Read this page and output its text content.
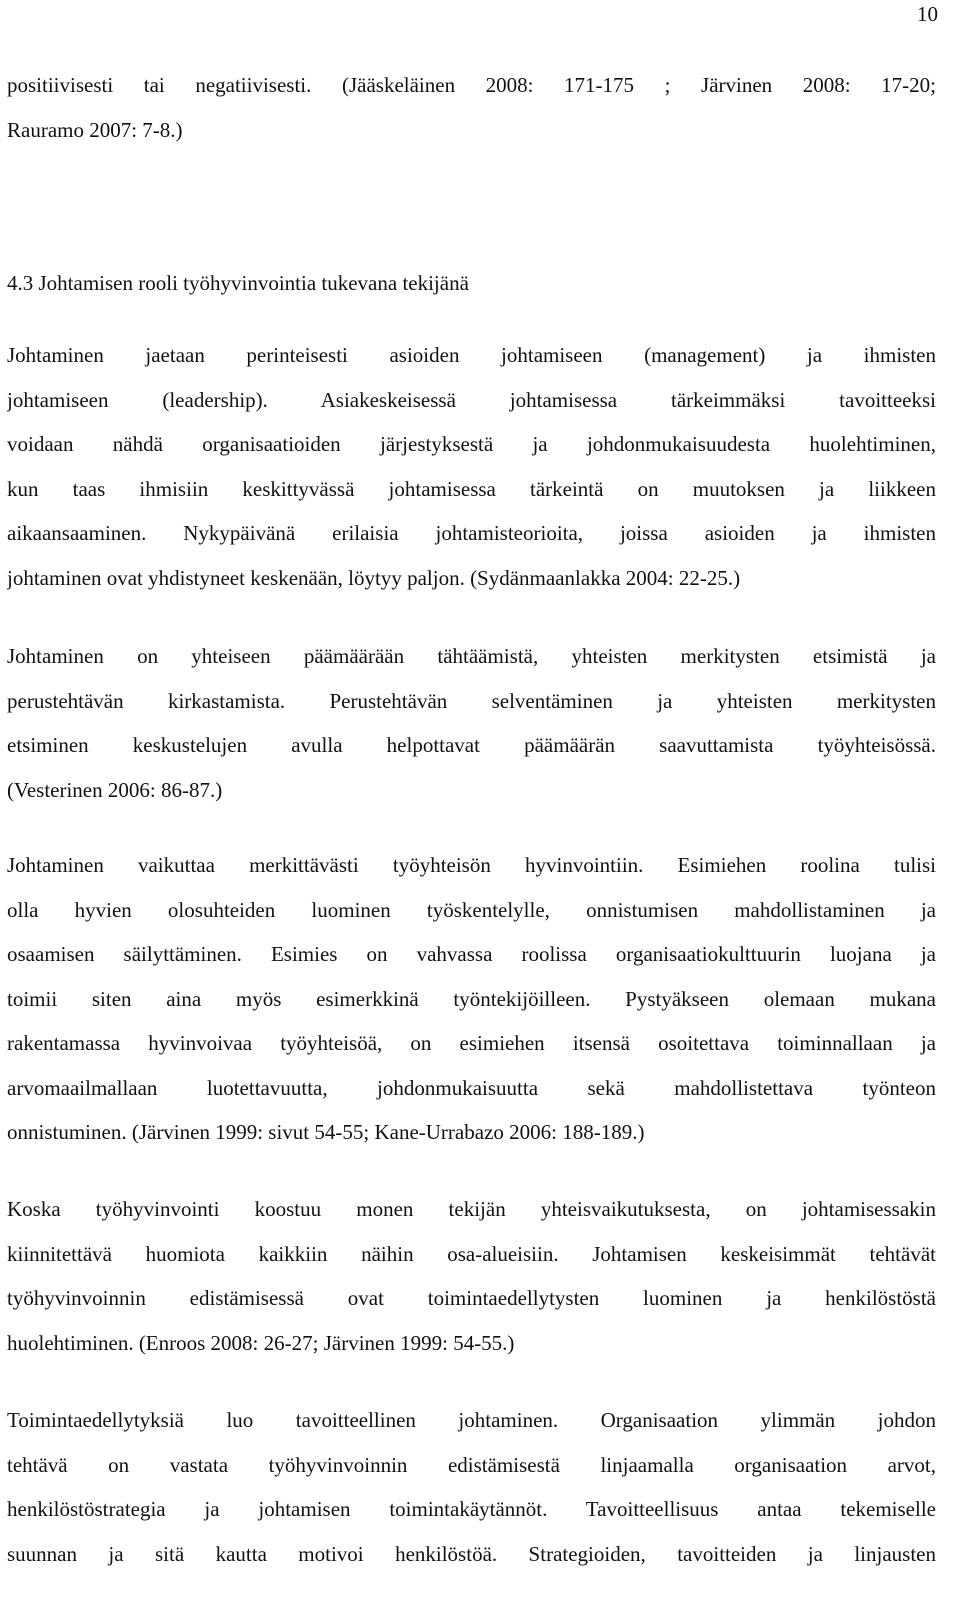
10
positiivisesti tai negatiivisesti. (Jääskeläinen 2008: 171-175 ; Järvinen 2008: 17-20;
Rauramo 2007: 7-8.)
4.3 Johtamisen rooli työhyvinvointia tukevana tekijänä
Johtaminen jaetaan perinteisesti asioiden johtamiseen (management) ja ihmisten
johtamiseen (leadership). Asiakeskeisessä johtamisessa tärkeimmäksi tavoitteeksi
voidaan nähdä organisaatioiden järjestyksestä ja johdonmukaisuudesta huolehtiminen,
kun taas ihmisiin keskittyvässä johtamisessa tärkeintä on muutoksen ja liikkeen
aikaansaaminen. Nykypäivänä erilaisia johtamisteorioita, joissa asioiden ja ihmisten
johtaminen ovat yhdistyneet keskenään, löytyy paljon. (Sydänmaanlakka 2004: 22-25.)
Johtaminen on yhteiseen päämäärään tähtäämistä, yhteisten merkitysten etsimistä ja
perustehtävän kirkastamista. Perustehtävän selventäminen ja yhteisten merkitysten
etsiminen keskustelujen avulla helpottavat päämäärän saavuttamista työyhteisössä.
(Vesterinen 2006: 86-87.)
Johtaminen vaikuttaa merkittävästi työyhteisön hyvinvointiin. Esimiehen roolina tulisi
olla hyvien olosuhteiden luominen työskentelylle, onnistumisen mahdollistaminen ja
osaamisen säilyttäminen. Esimies on vahvassa roolissa organisaatiokulttuurin luojana ja
toimii siten aina myös esimerkkinä työntekijöilleen. Pystyäkseen olemaan mukana
rakentamassa hyvinvoivaa työyhteisöä, on esimiehen itsensä osoitettava toiminnallaan ja
arvomaailmallaan luotettavuutta, johdonmukaisuutta sekä mahdollistettava työnteon
onnistuminen. (Järvinen 1999: sivut 54-55; Kane-Urrabazo 2006: 188-189.)
Koska työhyvinvointi koostuu monen tekijän yhteisvaikutuksesta, on johtamisessakin
kiinnitettävä huomiota kaikkiin näihin osa-alueisiin. Johtamisen keskeisimmät tehtävät
työhyvinvoinnin edistämisessä ovat toimintaedellytysten luominen ja henkilöstöstä
huolehtiminen. (Enroos 2008: 26-27; Järvinen 1999: 54-55.)
Toimintaedellytyksiä luo tavoitteellinen johtaminen. Organisaation ylimmän johdon
tehtävä on vastata työhyvinvoinnin edistämisestä linjaamalla organisaation arvot,
henkilöstöstrategia ja johtamisen toimintakäytännöt. Tavoitteellisuus antaa tekemiselle
suunnan ja sitä kautta motivoi henkilöstöä. Strategioiden, tavoitteiden ja linjausten
